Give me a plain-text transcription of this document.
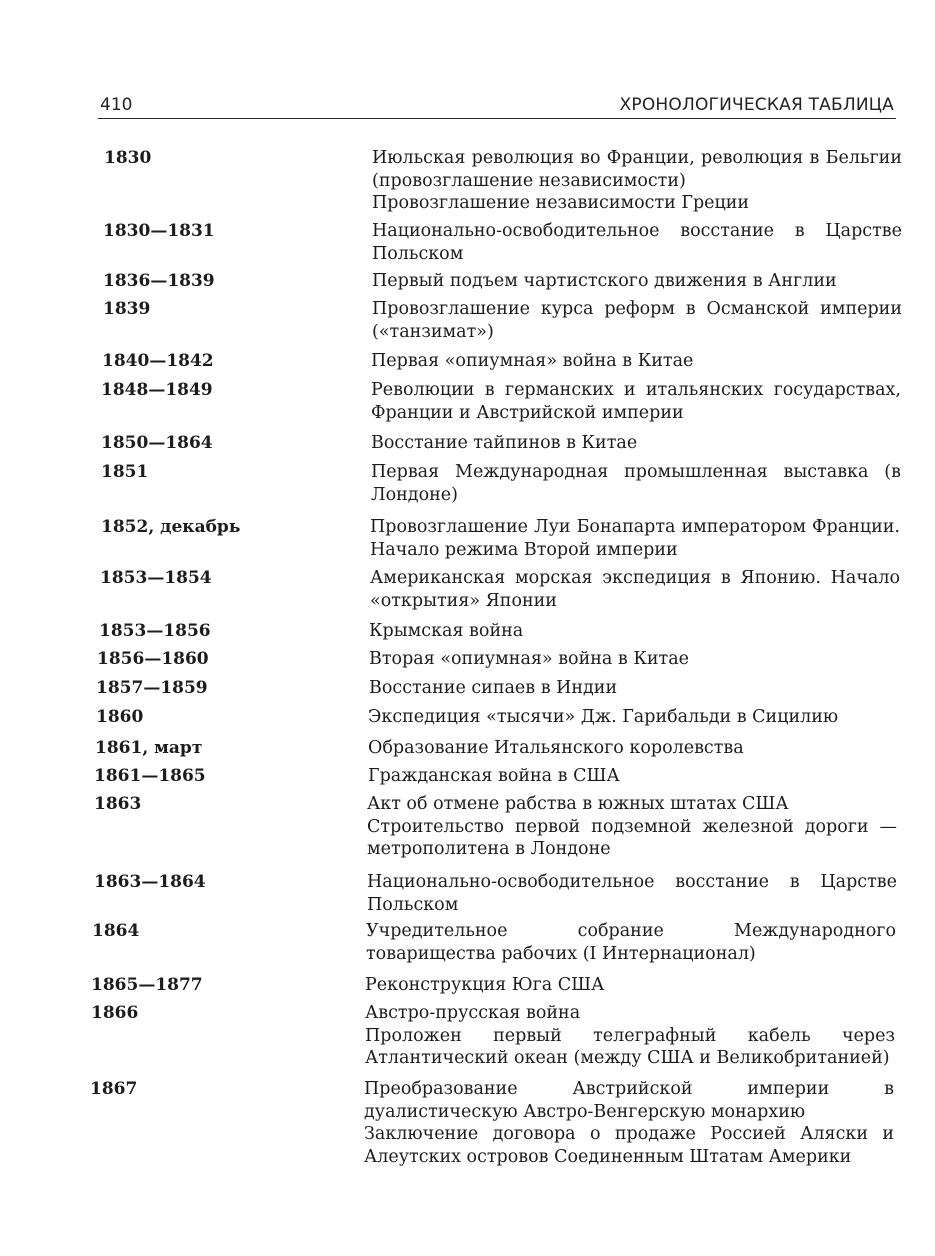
410	ХРОНОЛОГИЧЕСКАЯ ТАБЛИЦА
1830	Июльская революция во Франции, революция в Бельгии (провозглашение независимости)
Провозглашение независимости Греции
1830—1831	Национально-освободительное восстание в Царстве Польском
1836—1839	Первый подъем чартистского движения в Англии
1839	Провозглашение курса реформ в Османской империи («танзимат»)
1840—1842	Первая «опиумная» война в Китае
1848—1849	Революции в германских и итальянских государствах, Франции и Австрийской империи
1850—1864	Восстание тайпинов в Китае
1851	Первая Международная промышленная выставка (в Лондоне)
1852, декабрь	Провозглашение Луи Бонапарта императором Франции. Начало режима Второй империи
1853—1854	Американская морская экспедиция в Японию. Начало «открытия» Японии
1853—1856	Крымская война
1856—1860	Вторая «опиумная» война в Китае
1857—1859	Восстание сипаев в Индии
1860	Экспедиция «тысячи» Дж. Гарибальди в Сицилию
1861, март	Образование Итальянского королевства
1861—1865	Гражданская война в США
1863	Акт об отмене рабства в южных штатах США
Строительство первой подземной железной дороги — метрополитена в Лондоне
1863—1864	Национально-освободительное восстание в Царстве Польском
1864	Учредительное собрание Международного товарищества рабочих (I Интернационал)
1865—1877	Реконструкция Юга США
1866	Австро-прусская война
Проложен первый телеграфный кабель через Атлантический океан (между США и Великобританией)
1867	Преобразование Австрийской империи в дуалистическую Австро-Венгерскую монархию
Заключение договора о продаже Россией Аляски и Алеутских островов Соединенным Штатам Америки
